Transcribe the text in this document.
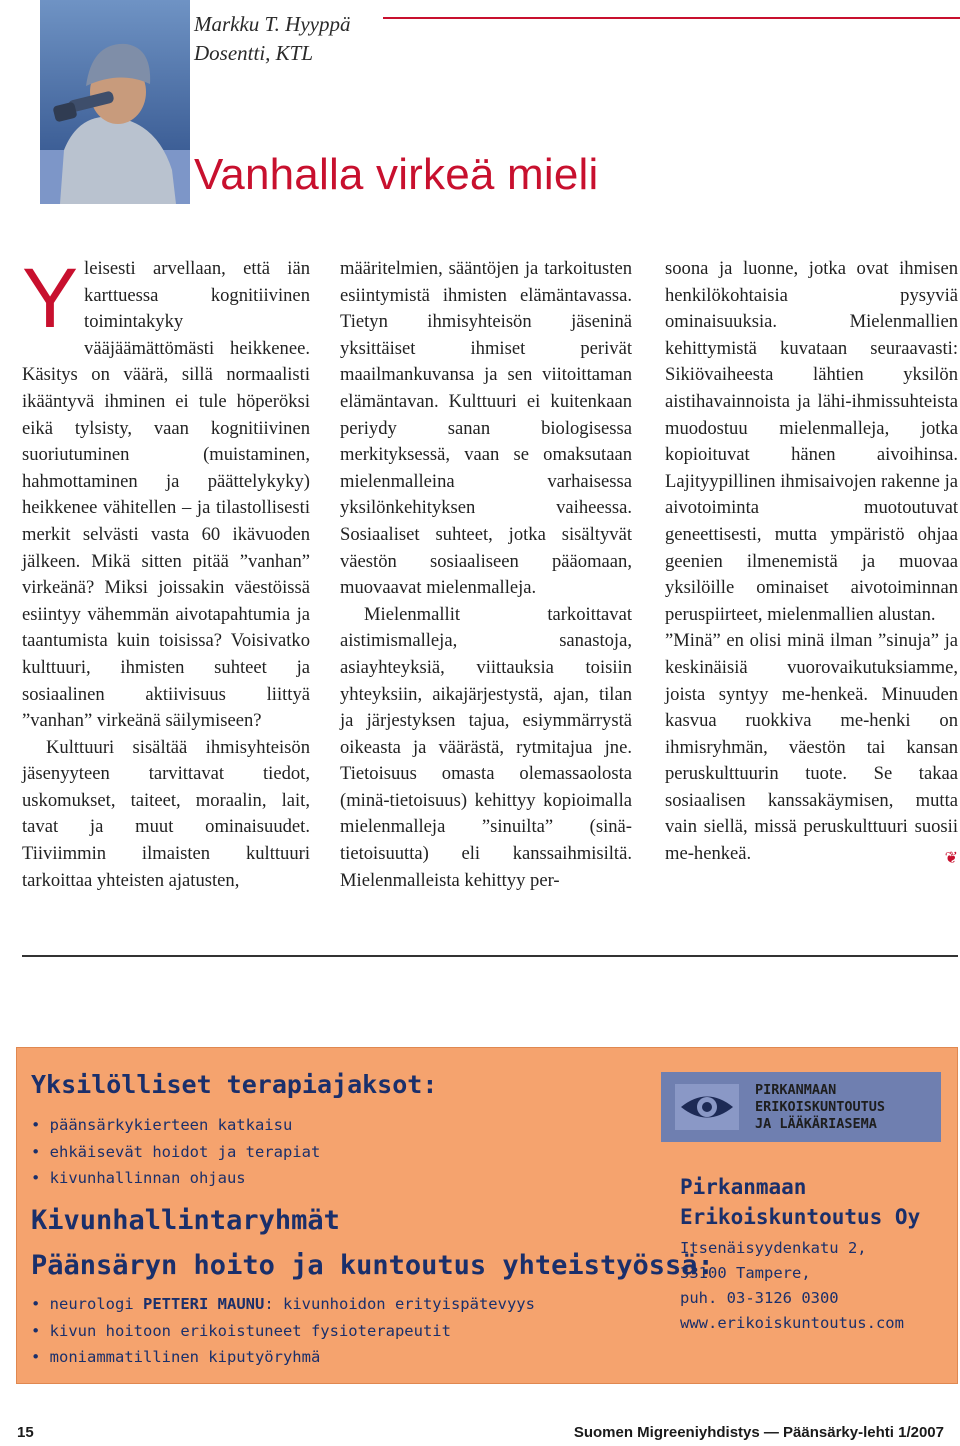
Markku T. Hyyppä
Dosentti, KTL
Vanhalla virkeä mieli

Yleisesti arvellaan, että iän karttuessa kognitiivinen toimintakyky vääjäämättömästi heikkenee. Käsitys on väärä, sillä normaalisti ikääntyvä ihminen ei tule höperöksi eikä tylsisty, vaan kognitiivinen suoriutuminen (muistaminen, hahmottaminen ja päättelykyky) heikkenee vähitellen – ja tilastollisesti merkit selvästi vasta 60 ikävuoden jälkeen. Mikä sitten pitää ”vanhan” virkeänä? Miksi joissakin väestöissä esiintyy vähemmän aivotapahtumia ja taantumista kuin toisissa? Voisivatko kulttuuri, ihmisten suhteet ja sosiaalinen aktiivisuus liittyä ”vanhan” virkeänä säilymiseen?

Kulttuuri sisältää ihmisyhteisön jäsenyyteen tarvittavat tiedot, uskomukset, taiteet, moraalin, lait, tavat ja muut ominaisuudet. Tiiviimmin ilmaisten kulttuuri tarkoittaa yhteisten ajatusten,

määritelmien, sääntöjen ja tarkoitusten esiintymistä ihmisten elämäntavassa. Tietyn ihmisyhteisön jäseninä yksittäiset ihmiset perivät maailmankuvansa ja sen viitoittaman elämäntavan. Kulttuuri ei kuitenkaan periydy sanan biologisessa merkityksessä, vaan se omaksutaan mielenmalleina varhaisessa yksilönkehityksen vaiheessa. Sosiaaliset suhteet, jotka sisältyvät väestön sosiaaliseen pääomaan, muovaavat mielenmalleja.

Mielenmallit tarkoittavat aistimismalleja, sanastoja, asiayhteyksiä, viittauksia toisiin yhteyksiin, aikajärjestystä, ajan, tilan ja järjestyksen tajua, esiymmärrystä oikeasta ja väärästä, rytmitajua jne. Tietoisuus omasta olemassaolosta (minä-tietoisuus) kehittyy kopioimalla mielenmalleja ”sinuilta” (sinä-tietoisuutta) eli kanssaihmisiltä. Mielenmalleista kehittyy per-

soona ja luonne, jotka ovat ihmisen henkilökohtaisia pysyviä ominaisuuksia. Mielenmallien kehittymistä kuvataan seuraavasti: Sikiövaiheesta lähtien yksilön aistihavainnoista ja lähi-ihmissuhteista muodostuu mielenmalleja, jotka kopioituvat hänen aivoihinsa. Lajityypillinen ihmisaivojen rakenne ja aivotoiminta muotoutuvat geneettisesti, mutta ympäristö ohjaa geenien ilmenemistä ja muovaa yksilöille ominaiset aivotoiminnan peruspiirteet, mielenmallien alustan.

”Minä” en olisi minä ilman ”sinuja” ja keskinäisiä vuorovaikutuksiamme, joista syntyy me-henkeä. Minuuden kasvua ruokkiva me-henki on ihmisryhmän, väestön tai kansan peruskulttuurin tuote. Se takaa sosiaalisen kanssakäymisen, mutta vain siellä, missä peruskulttuuri suosii me-henkeä.	❦

Yksilölliset terapiajaksot:
• päänsärkykierteen katkaisu
• ehkäisevät hoidot ja terapiat
• kivunhallinnan ohjaus
Kivunhallintaryhmät
Päänsäryn hoito ja kuntoutus yhteistyössä:
• neurologi PETTERI MAUNU: kivunhoidon erityispätevyys
• kivun hoitoon erikoistuneet fysioterapeutit
• moniammatillinen kiputyöryhmä
PIRKANMAAN
ERIKOISKUNTOUTUS
JA LÄÄKÄRIASEMA
Pirkanmaan
Erikoiskuntoutus Oy
Itsenäisyydenkatu 2,
33100 Tampere,
puh. 03-3126 0300
www.erikoiskuntoutus.com
15	Suomen Migreeniyhdistys — Päänsärky-lehti 1/2007
